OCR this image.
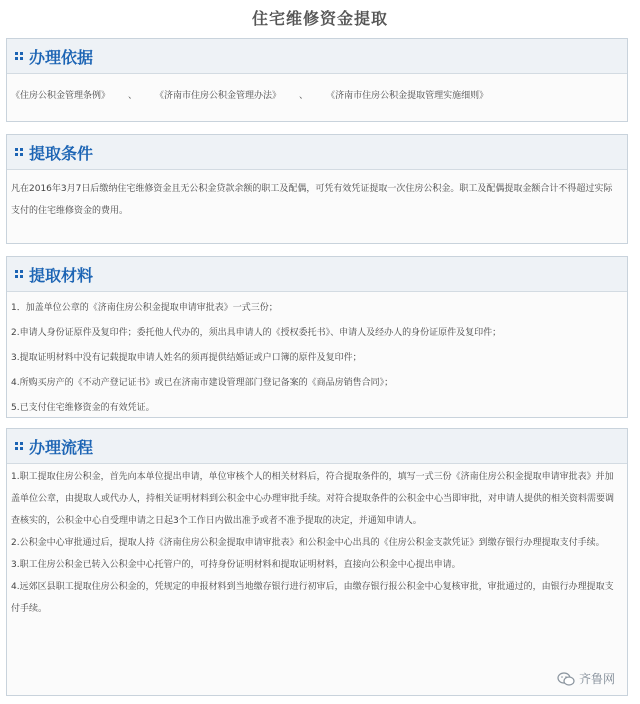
住宅维修资金提取
办理依据

《住房公积金管理条例》 、 《济南市住房公积金管理办法》 、 《济南市住房公积金提取管理实施细则》

提取条件

凡在2016年3月7日后缴纳住宅维修资金且无公积金贷款余额的职工及配偶，可凭有效凭证提取一次住房公积金。职工及配偶提取金额合计不得超过实际支付的住宅维修资金的费用。

提取材料

1．加盖单位公章的《济南住房公积金提取申请审批表》一式三份；

2.申请人身份证原件及复印件；委托他人代办的，须出具申请人的《授权委托书》、申请人及经办人的身份证原件及复印件；

3.提取证明材料中没有记载提取申请人姓名的须再提供结婚证或户口簿的原件及复印件；

4.所购买房产的《不动产登记证书》或已在济南市建设管理部门登记备案的《商品房销售合同》；

5.已支付住宅维修资金的有效凭证。

办理流程

1.职工提取住房公积金，首先向本单位提出申请，单位审核个人的相关材料后，符合提取条件的，填写一式三份《济南住房公积金提取申请审批表》并加盖单位公章，由提取人或代办人，持相关证明材料到公积金中心办理审批手续。对符合提取条件的公积金中心当即审批，对申请人提供的相关资料需要调查核实的，公积金中心自受理申请之日起3个工作日内做出准予或者不准予提取的决定，并通知申请人。

2.公积金中心审批通过后，提取人持《济南住房公积金提取申请审批表》和公积金中心出具的《住房公积金支款凭证》到缴存银行办理提取支付手续。

3.职工住房公积金已转入公积金中心托管户的，可持身份证明材料和提取证明材料，直接向公积金中心提出申请。

4.远郊区县职工提取住房公积金的，凭规定的申报材料到当地缴存银行进行初审后，由缴存银行报公积金中心复核审批，审批通过的，由银行办理提取支付手续。

齐鲁网
